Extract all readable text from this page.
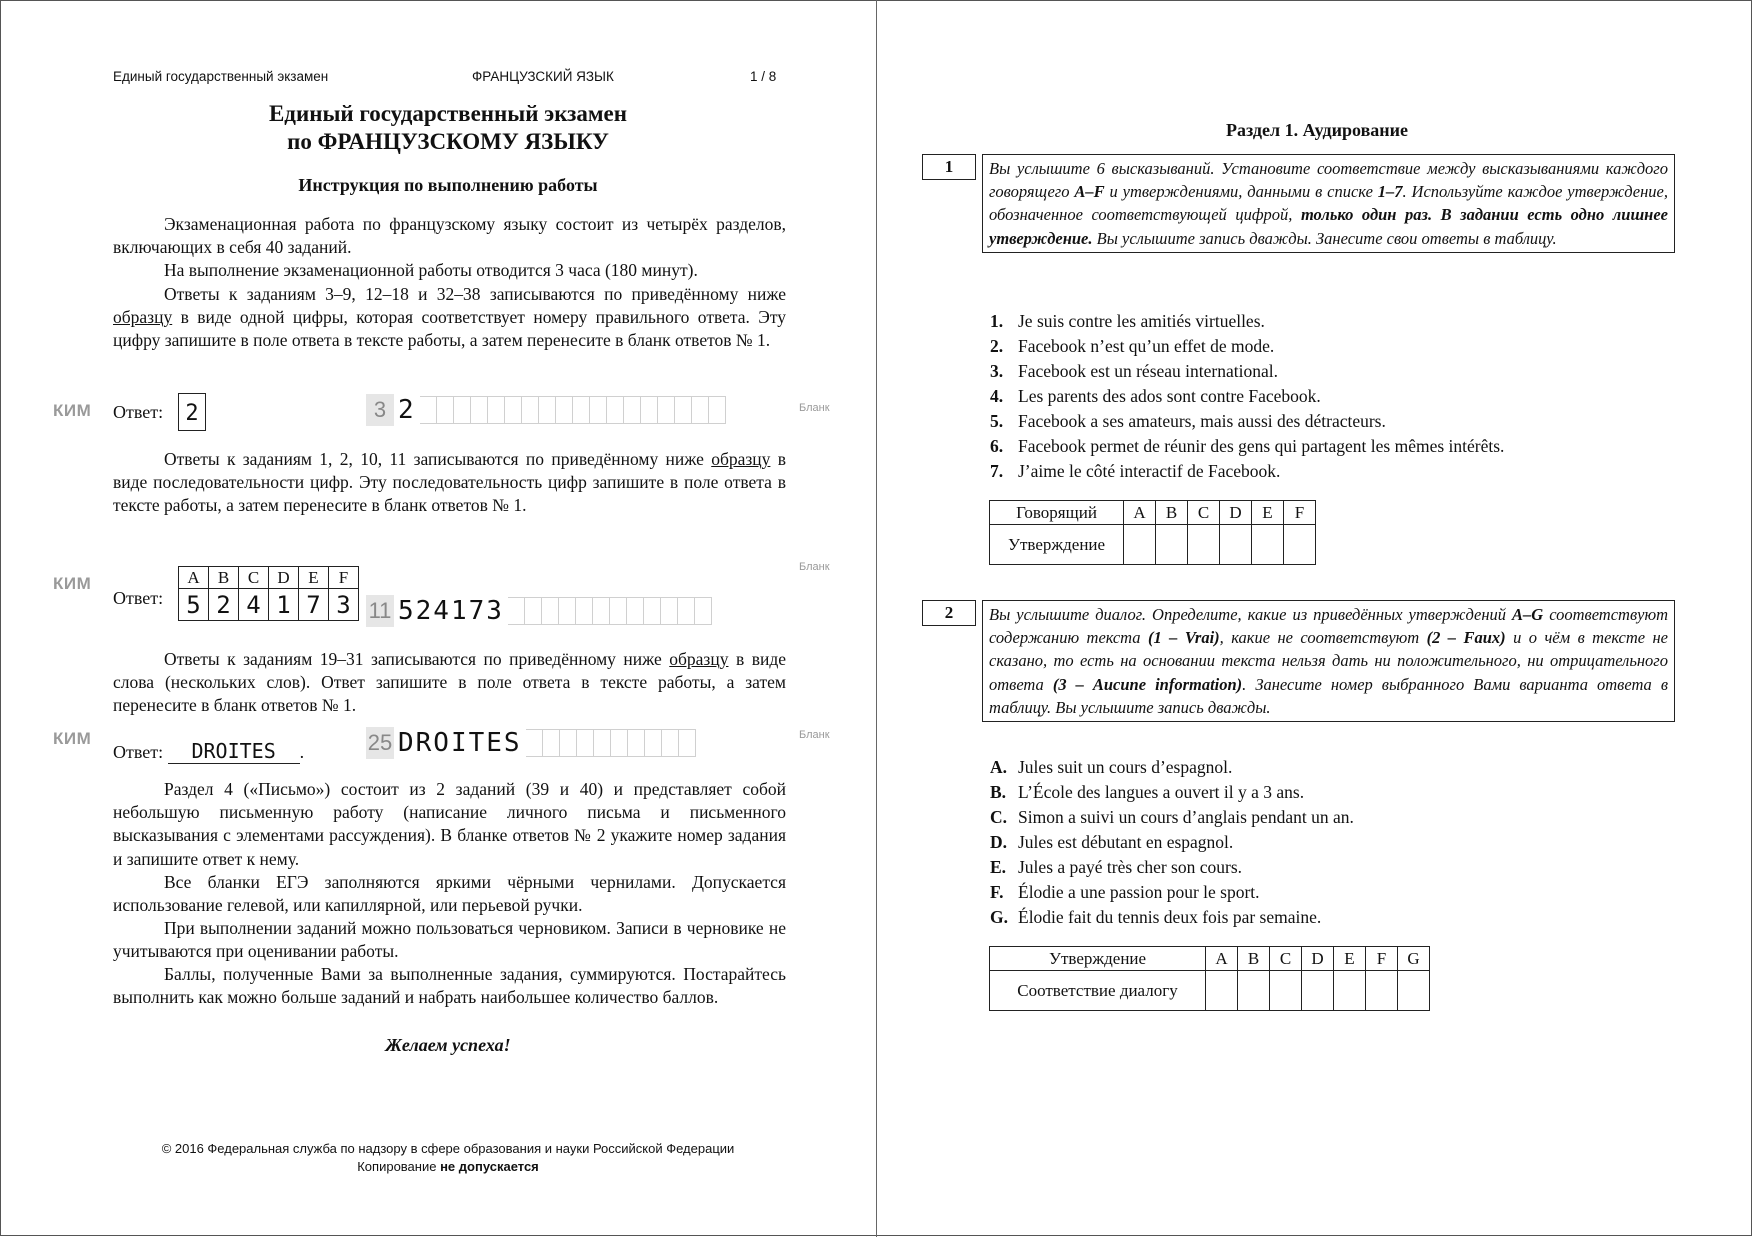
Единый государственный экзамен	ФРАНЦУЗСКИЙ ЯЗЫК	1 / 8
Единый государственный экзамен
по ФРАНЦУЗСКОМУ ЯЗЫКУ
Инструкция по выполнению работы

Экзаменационная работа по французскому языку состоит из четырёх разделов, включающих в себя 40 заданий.

На выполнение экзаменационной работы отводится 3 часа (180 минут).

Ответы к заданиям 3–9, 12–18 и 32–38 записываются по приведённому ниже образцу в виде одной цифры, которая соответствует номеру правильного ответа. Эту цифру запишите в поле ответа в тексте работы, а затем перенесите в бланк ответов № 1.

КИМ Ответ:	2	3 2	Бланк

Ответы к заданиям 1, 2, 10, 11 записываются по приведённому ниже образцу в виде последовательности цифр. Эту последовательность цифр запишите в поле ответа в тексте работы, а затем перенесите в бланк ответов № 1.

КИМ
Ответ:
A	B	C	D	E	F
5	2	4	1	7	3 11 524173
Бланк

Ответы к заданиям 19–31 записываются по приведённому ниже образцу в виде слова (нескольких слов). Ответ запишите в поле ответа в тексте работы, а затем перенесите в бланк ответов № 1.

КИМ
Ответ: DROITES .	25 DROITES	Бланк

Раздел 4 («Письмо») состоит из 2 заданий (39 и 40) и представляет собой небольшую письменную работу (написание личного письма и письменного высказывания с элементами рассуждения). В бланке ответов № 2 укажите номер задания и запишите ответ к нему.

Все бланки ЕГЭ заполняются яркими чёрными чернилами. Допускается использование гелевой, или капиллярной, или перьевой ручки.

При выполнении заданий можно пользоваться черновиком. Записи в черновике не учитываются при оценивании работы.

Баллы, полученные Вами за выполненные задания, суммируются. Постарайтесь выполнить как можно больше заданий и набрать наибольшее количество баллов.

Желаем успеха!
© 2016 Федеральная служба по надзору в сфере образования и науки Российской Федерации
Копирование не допускается
Раздел 1. Аудирование
1	Вы услышите 6 высказываний. Установите соответствие между высказываниями каждого говорящего A–F и утверждениями, данными в списке 1–7. Используйте каждое утверждение, обозначенное соответствующей цифрой, только один раз. В задании есть одно лишнее утверждение. Вы услышите запись дважды. Занесите свои ответы в таблицу.
1. Je suis contre les amitiés virtuelles.
2. Facebook n’est qu’un effet de mode.
3. Facebook est un réseau international.
4. Les parents des ados sont contre Facebook.
5. Facebook a ses amateurs, mais aussi des détracteurs.
6. Facebook permet de réunir des gens qui partagent les mêmes intérêts.
7. J’aime le côté interactif de Facebook.
Говорящий	A	B	C	D	E	F
Утверждение						
2	Вы услышите диалог. Определите, какие из приведённых утверждений A–G соответствуют содержанию текста (1 – Vrai), какие не соответствуют (2 – Faux) и о чём в тексте не сказано, то есть на основании текста нельзя дать ни положительного, ни отрицательного ответа (3 – Aucune information). Занесите номер выбранного Вами варианта ответа в таблицу. Вы услышите запись дважды.
A. Jules suit un cours d’espagnol.
B. L’École des langues a ouvert il y a 3 ans.
C. Simon a suivi un cours d’anglais pendant un an.
D. Jules est débutant en espagnol.
E. Jules a payé très cher son cours.
F. Élodie a une passion pour le sport.
G. Élodie fait du tennis deux fois par semaine.
Утверждение	A	B	C	D	E	F	G
Соответствие диалогу							
